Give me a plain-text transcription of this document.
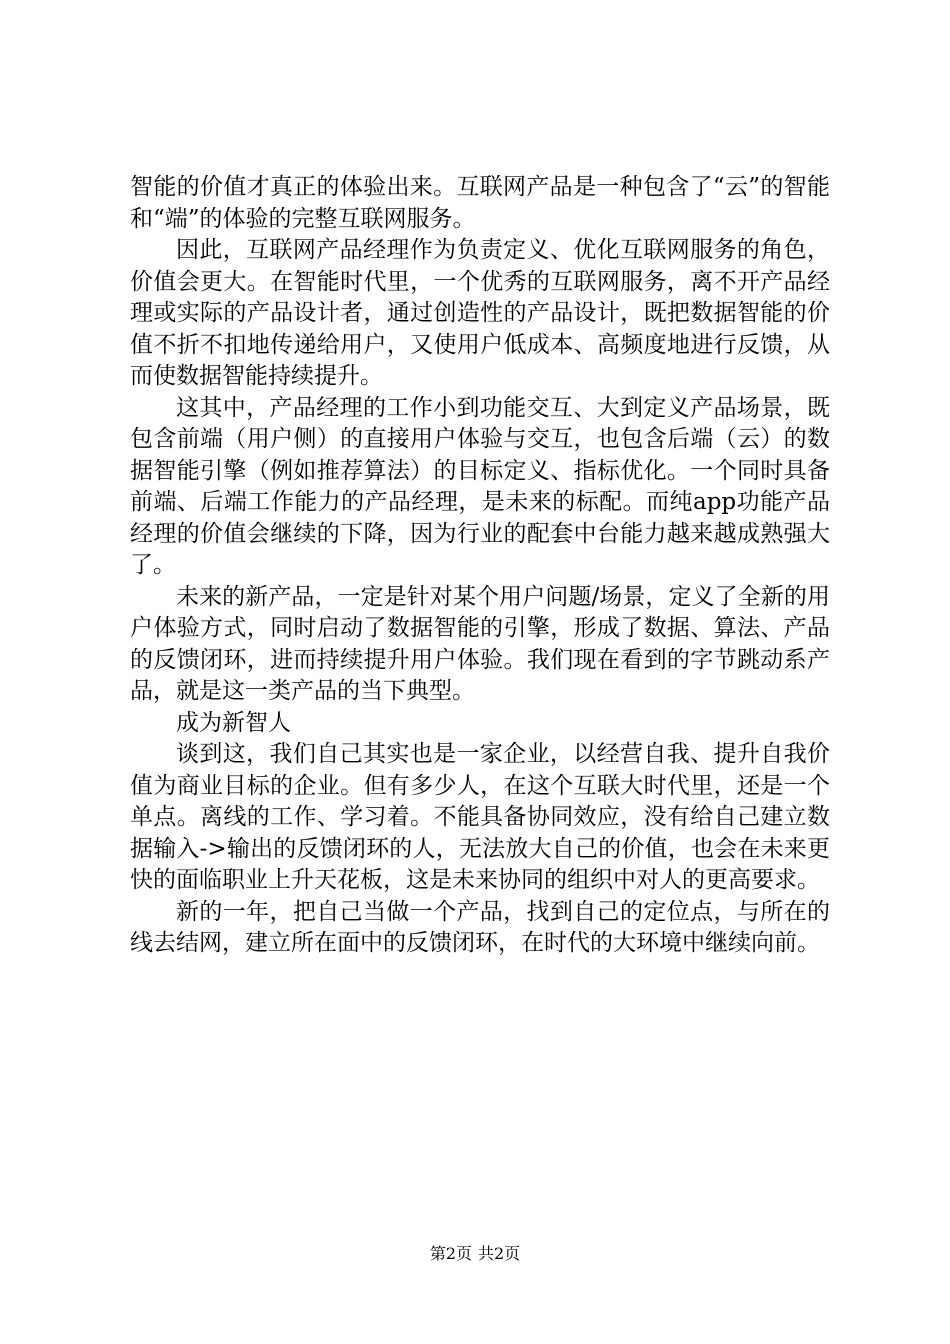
智能的价值才真正的体验出来。互联网产品是一种包含了“云”的智能和“端”的体验的完整互联网服务。

因此，互联网产品经理作为负责定义、优化互联网服务的角色，价值会更大。在智能时代里，一个优秀的互联网服务，离不开产品经理或实际的产品设计者，通过创造性的产品设计，既把数据智能的价值不折不扣地传递给用户，又使用户低成本、高频度地进行反馈，从而使数据智能持续提升。

这其中，产品经理的工作小到功能交互、大到定义产品场景，既包含前端（用户侧）的直接用户体验与交互，也包含后端（云）的数据智能引擎（例如推荐算法）的目标定义、指标优化。一个同时具备前端、后端工作能力的产品经理，是未来的标配。而纯app功能产品经理的价值会继续的下降，因为行业的配套中台能力越来越成熟强大了。

未来的新产品，一定是针对某个用户问题/场景，定义了全新的用户体验方式，同时启动了数据智能的引擎，形成了数据、算法、产品的反馈闭环，进而持续提升用户体验。我们现在看到的字节跳动系产品，就是这一类产品的当下典型。

成为新智人

谈到这，我们自己其实也是一家企业，以经营自我、提升自我价值为商业目标的企业。但有多少人，在这个互联大时代里，还是一个单点。离线的工作、学习着。不能具备协同效应，没有给自己建立数据输入->输出的反馈闭环的人，无法放大自己的价值，也会在未来更快的面临职业上升天花板，这是未来协同的组织中对人的更高要求。

新的一年，把自己当做一个产品，找到自己的定位点，与所在的线去结网，建立所在面中的反馈闭环，在时代的大环境中继续向前。

第2页 共2页
